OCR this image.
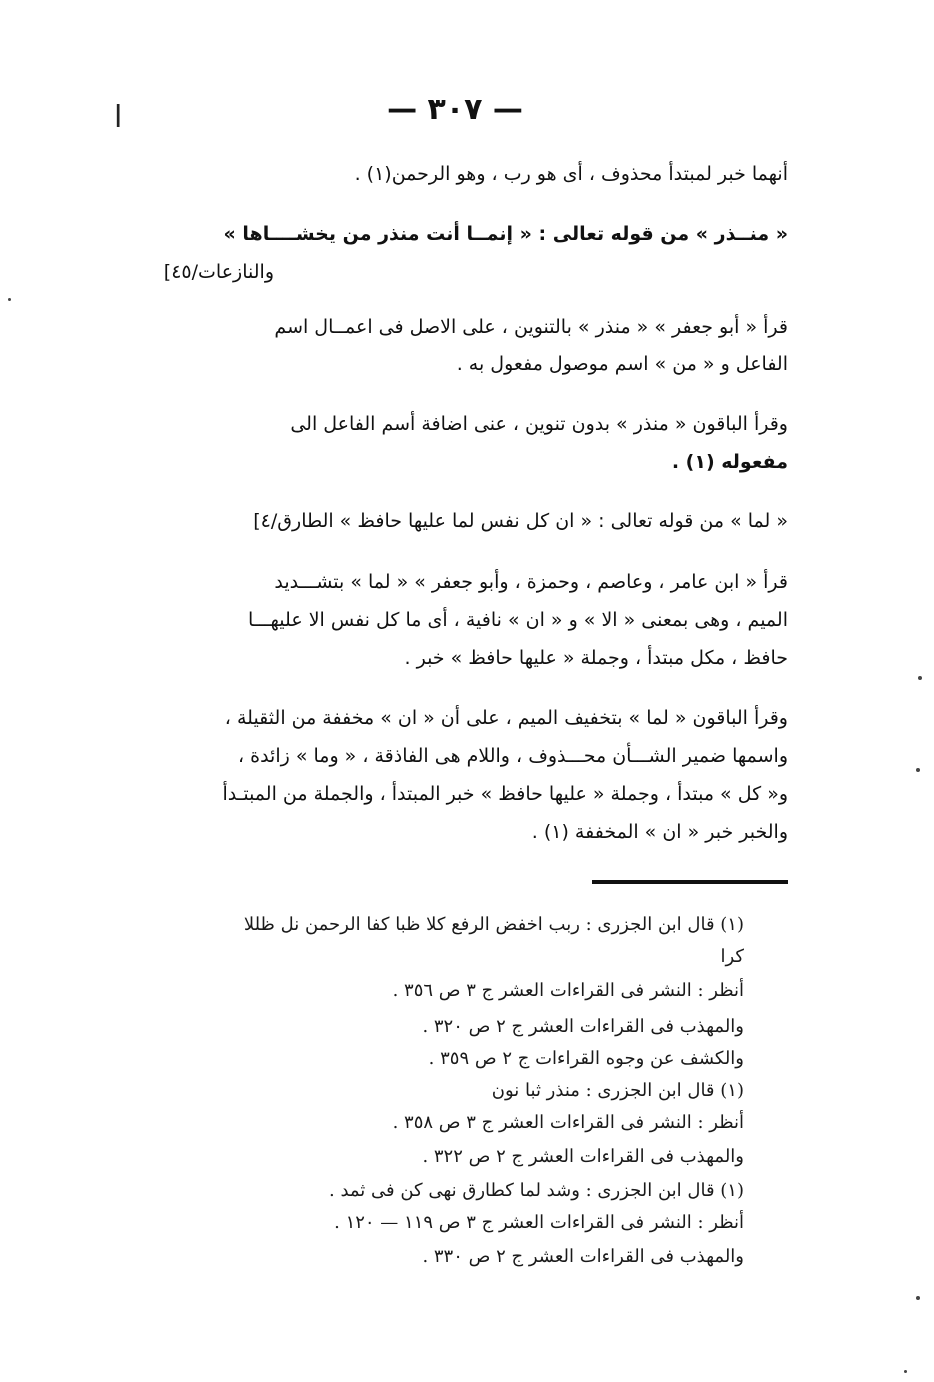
ا	— ٣٠٧ —
أنهما خبر لمبتدأ محذوف ، أى هو رب ، وهو الرحمن(١) .
« منــذر » من قوله تعالى : « إنمــا أنت منذر من يخشــــاها »
والنازعات/٤٥]
قرأ « أبو جعفر » « منذر » بالتنوين ، على الاصل فى اعمــال اسم
الفاعل و « من » اسم موصول مفعول به .
وقرأ الباقون « منذر » بدون تنوين ، عنى اضافة أسم الفاعل الى
مفعوله (١) .
« لما » من قوله تعالى : « ان كل نفس لما عليها حافظ » الطارق/٤]
قرأ « ابن عامر ، وعاصم ، وحمزة ، وأبو جعفر » « لما » بتشـــديد
الميم ، وهى بمعنى « الا » و « ان » نافية ، أى ما كل نفس الا عليهـــا
حافظ ، مكل مبتدأ ، وجملة « عليها حافظ » خبر .
وقرأ الباقون « لما » بتخفيف الميم ، على أن « ان » مخففة من الثقيلة ،
واسمها ضمير الشـــأن محـــذوف ، واللام هى الفاذقة ، « وما » زائدة ،
و« كل » مبتدأ ، وجملة « عليها حافظ » خبر المبتدأ ، والجملة من المبتـدأ
والخبر خبر « ان » المخففة (١) .
(١) قال ابن الجزرى : ربب اخفض الرفع كلا ظبا كفا الرحمن نل ظللا
كرا
أنظر : النشر فى القراءات العشر ج ٣ ص ٣٥٦ .
والمهذب فى القراءات العشر ج ٢ ص ٣٢٠ .
والكشف عن وجوه القراءات ج ٢ ص ٣٥٩ .
(١) قال ابن الجزرى : منذر ثبا نون
أنظر : النشر فى القراءات العشر ج ٣ ص ٣٥٨ .
والمهذب فى القراءات العشر ج ٢ ص ٣٢٢ .
(١) قال ابن الجزرى : وشد لما كطارق نهى كن فى ثمد .
أنظر : النشر فى القراءات العشر ج ٣ ص ١١٩ — ١٢٠ .
والمهذب فى القراءات العشر ج ٢ ص ٣٣٠ .
